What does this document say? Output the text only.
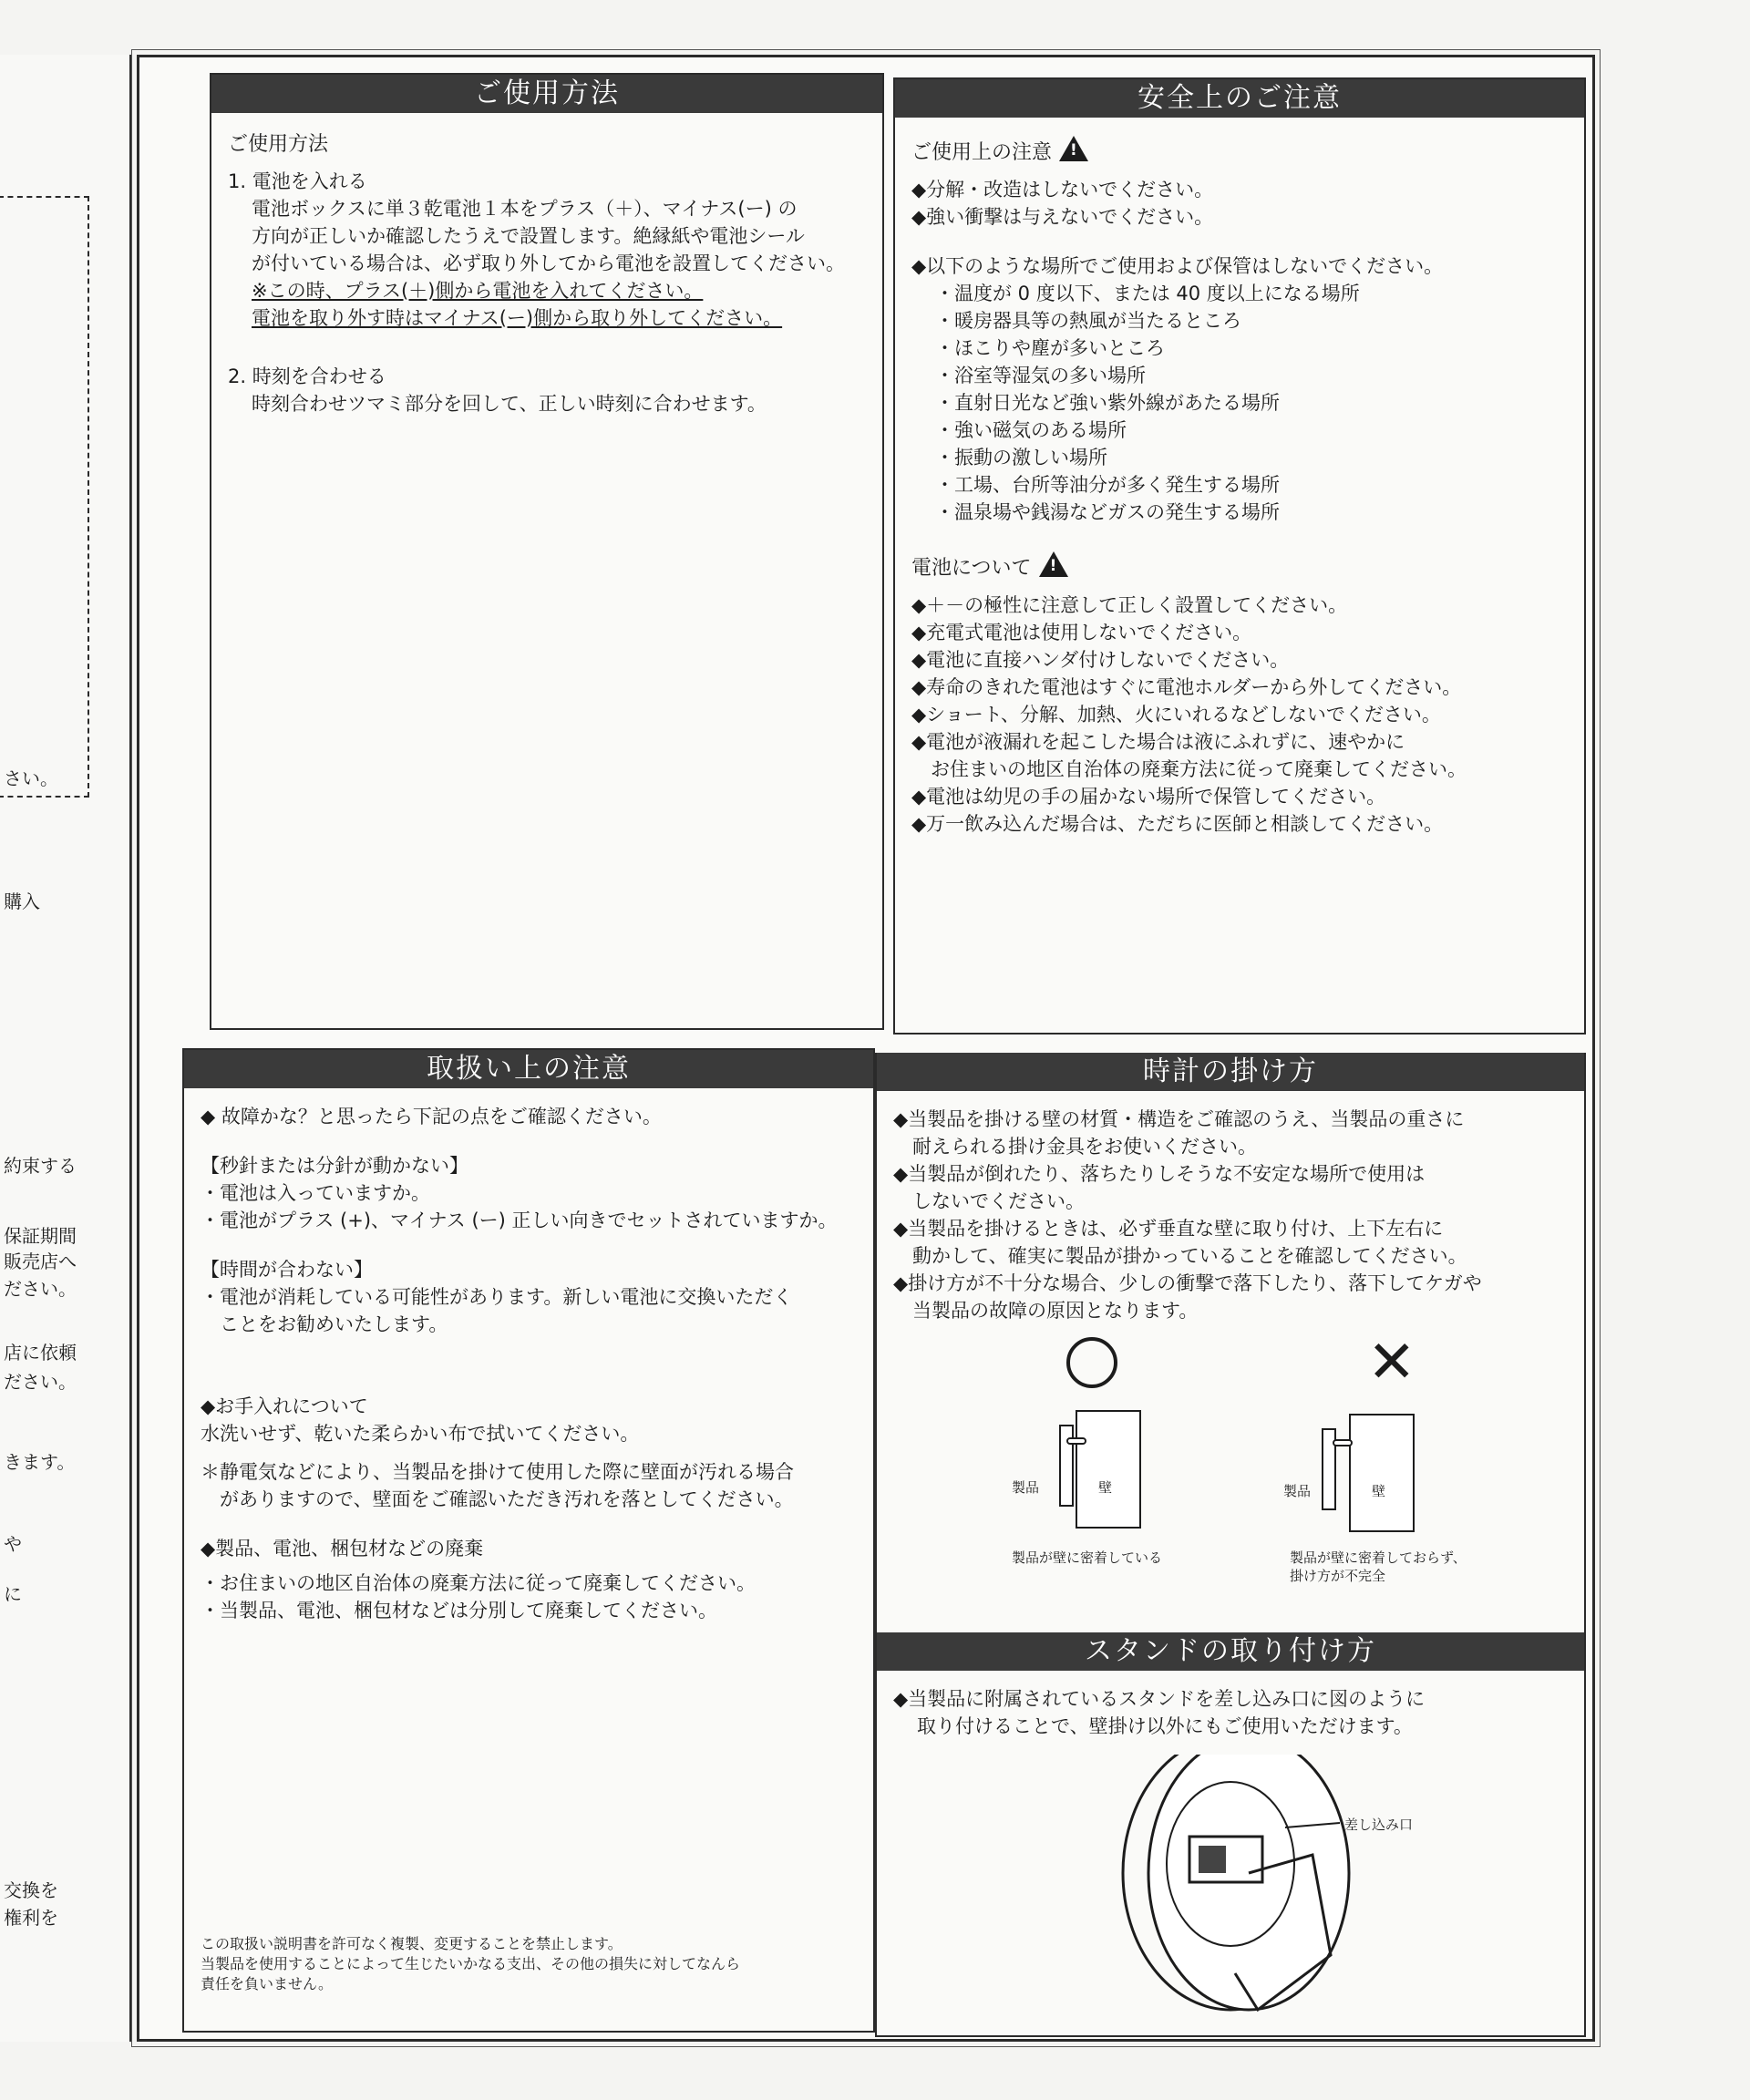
さい。
購入
約束する
保証期間
販売店へ
ださい。
店に依頼
ださい。
きます。
や
に
交換を
権利を
ご使用方法
ご使用方法
1. 電池を入れる
電池ボックスに単３乾電池１本をプラス（＋）、マイナス(ー) の
方向が正しいか確認したうえで設置します。絶縁紙や電池シール
が付いている場合は、必ず取り外してから電池を設置してください。
※この時、プラス(＋)側から電池を入れてください。
電池を取り外す時はマイナス(ー)側から取り外してください。
2. 時刻を合わせる
時刻合わせツマミ部分を回して、正しい時刻に合わせます。
安全上のご注意
ご使用上の注意!
◆分解・改造はしないでください。
◆強い衝撃は与えないでください。
◆以下のような場所でご使用および保管はしないでください。
・温度が 0 度以下、または 40 度以上になる場所
・暖房器具等の熱風が当たるところ
・ほこりや塵が多いところ
・浴室等湿気の多い場所
・直射日光など強い紫外線があたる場所
・強い磁気のある場所
・振動の激しい場所
・工場、台所等油分が多く発生する場所
・温泉場や銭湯などガスの発生する場所
電池について!
◆＋－の極性に注意して正しく設置してください。
◆充電式電池は使用しないでください。
◆電池に直接ハンダ付けしないでください。
◆寿命のきれた電池はすぐに電池ホルダーから外してください。
◆ショート、分解、加熱、火にいれるなどしないでください。
◆電池が液漏れを起こした場合は液にふれずに、速やかに
　お住まいの地区自治体の廃棄方法に従って廃棄してください。
◆電池は幼児の手の届かない場所で保管してください。
◆万一飲み込んだ場合は、ただちに医師と相談してください。
取扱い上の注意
◆ 故障かな？と思ったら下記の点をご確認ください。
【秒針または分針が動かない】
・電池は入っていますか。
・電池がプラス (+)、マイナス (ー) 正しい向きでセットされていますか。
【時間が合わない】
・電池が消耗している可能性があります。新しい電池に交換いただく
　ことをお勧めいたします。
◆お手入れについて
水洗いせず、乾いた柔らかい布で拭いてください。
＊静電気などにより、当製品を掛けて使用した際に壁面が汚れる場合
　がありますので、壁面をご確認いただき汚れを落としてください。
◆製品、電池、梱包材などの廃棄
・お住まいの地区自治体の廃棄方法に従って廃棄してください。
・当製品、電池、梱包材などは分別して廃棄してください。
この取扱い説明書を許可なく複製、変更することを禁止します。
当製品を使用することによって生じたいかなる支出、その他の損失に対してなんら
責任を負いません。
時計の掛け方
◆当製品を掛ける壁の材質・構造をご確認のうえ、当製品の重さに
　耐えられる掛け金具をお使いください。
◆当製品が倒れたり、落ちたりしそうな不安定な場所で使用は
　しないでください。
◆当製品を掛けるときは、必ず垂直な壁に取り付け、上下左右に
　動かして、確実に製品が掛かっていることを確認してください。
◆掛け方が不十分な場合、少しの衝撃で落下したり、落下してケガや
　当製品の故障の原因となります。
✕
製品	壁
製品が壁に密着している
製品	壁
製品が壁に密着しておらず、
掛け方が不完全
スタンドの取り付け方
◆当製品に附属されているスタンドを差し込み口に図のように
取り付けることで、壁掛け以外にもご使用いただけます。
差し込み口
